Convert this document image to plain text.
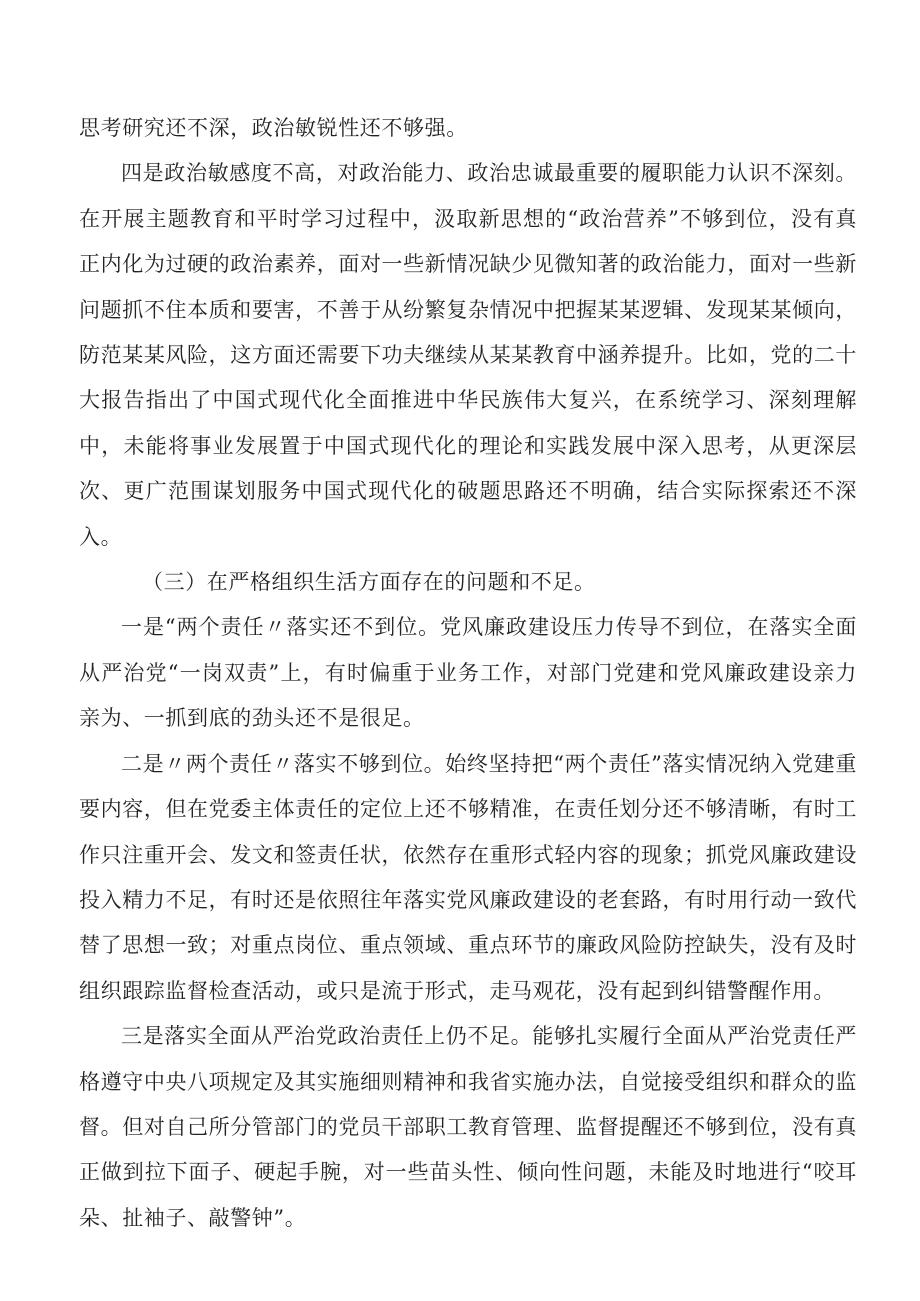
思考研究还不深，政治敏锐性还不够强。

四是政治敏感度不高，对政治能力、政治忠诚最重要的履职能力认识不深刻。在开展主题教育和平时学习过程中，汲取新思想的“政治营养”不够到位，没有真正内化为过硬的政治素养，面对一些新情况缺少见微知著的政治能力，面对一些新问题抓不住本质和要害，不善于从纷繁复杂情况中把握某某逻辑、发现某某倾向，防范某某风险，这方面还需要下功夫继续从某某教育中涵养提升。比如，党的二十大报告指出了中国式现代化全面推进中华民族伟大复兴，在系统学习、深刻理解中，未能将事业发展置于中国式现代化的理论和实践发展中深入思考，从更深层次、更广范围谋划服务中国式现代化的破题思路还不明确，结合实际探索还不深入。

（三）在严格组织生活方面存在的问题和不足。

一是“两个责任〃落实还不到位。党风廉政建设压力传导不到位，在落实全面从严治党“一岗双责”上，有时偏重于业务工作，对部门党建和党风廉政建设亲力亲为、一抓到底的劲头还不是很足。

二是〃两个责任〃落实不够到位。始终坚持把“两个责任”落实情况纳入党建重要内容，但在党委主体责任的定位上还不够精准，在责任划分还不够清晰，有时工作只注重开会、发文和签责任状，依然存在重形式轻内容的现象；抓党风廉政建设投入精力不足，有时还是依照往年落实党风廉政建设的老套路，有时用行动一致代替了思想一致；对重点岗位、重点领域、重点环节的廉政风险防控缺失，没有及时组织跟踪监督检查活动，或只是流于形式，走马观花，没有起到纠错警醒作用。

三是落实全面从严治党政治责任上仍不足。能够扎实履行全面从严治党责任严格遵守中央八项规定及其实施细则精神和我省实施办法，自觉接受组织和群众的监督。但对自己所分管部门的党员干部职工教育管理、监督提醒还不够到位，没有真正做到拉下面子、硬起手腕，对一些苗头性、倾向性问题，未能及时地进行“咬耳朵、扯袖子、敲警钟”。
